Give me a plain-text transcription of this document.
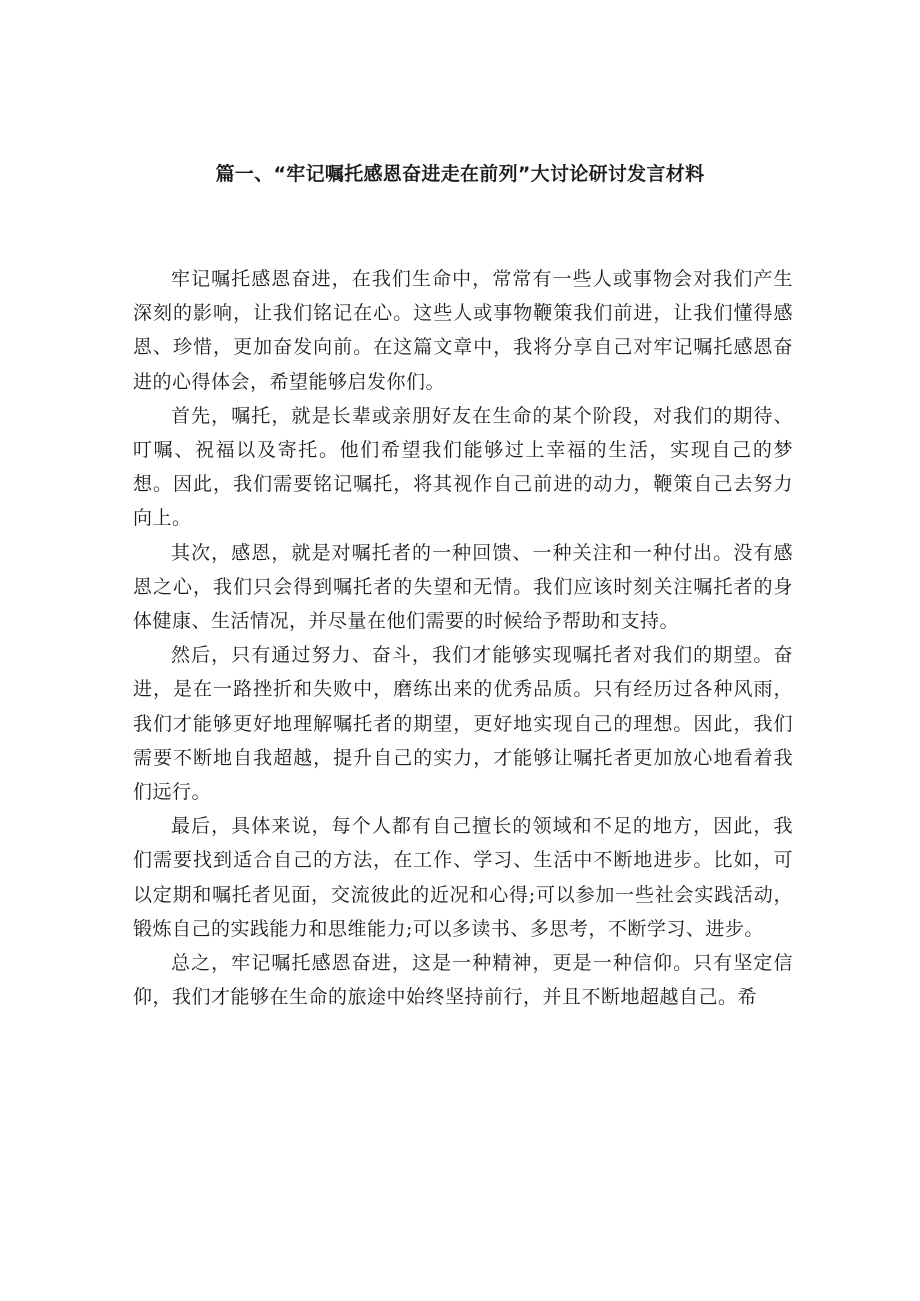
篇一、“牢记嘱托感恩奋进走在前列”大讨论研讨发言材料

牢记嘱托感恩奋进，在我们生命中，常常有一些人或事物会对我们产生深刻的影响，让我们铭记在心。这些人或事物鞭策我们前进，让我们懂得感恩、珍惜，更加奋发向前。在这篇文章中，我将分享自己对牢记嘱托感恩奋进的心得体会，希望能够启发你们。

首先，嘱托，就是长辈或亲朋好友在生命的某个阶段，对我们的期待、叮嘱、祝福以及寄托。他们希望我们能够过上幸福的生活，实现自己的梦想。因此，我们需要铭记嘱托，将其视作自己前进的动力，鞭策自己去努力向上。

其次，感恩，就是对嘱托者的一种回馈、一种关注和一种付出。没有感恩之心，我们只会得到嘱托者的失望和无情。我们应该时刻关注嘱托者的身体健康、生活情况，并尽量在他们需要的时候给予帮助和支持。

然后，只有通过努力、奋斗，我们才能够实现嘱托者对我们的期望。奋进，是在一路挫折和失败中，磨练出来的优秀品质。只有经历过各种风雨，我们才能够更好地理解嘱托者的期望，更好地实现自己的理想。因此，我们需要不断地自我超越，提升自己的实力，才能够让嘱托者更加放心地看着我们远行。

最后，具体来说，每个人都有自己擅长的领域和不足的地方，因此，我们需要找到适合自己的方法，在工作、学习、生活中不断地进步。比如，可以定期和嘱托者见面，交流彼此的近况和心得;可以参加一些社会实践活动，锻炼自己的实践能力和思维能力;可以多读书、多思考，不断学习、进步。

总之，牢记嘱托感恩奋进，这是一种精神，更是一种信仰。只有坚定信仰，我们才能够在生命的旅途中始终坚持前行，并且不断地超越自己。希
